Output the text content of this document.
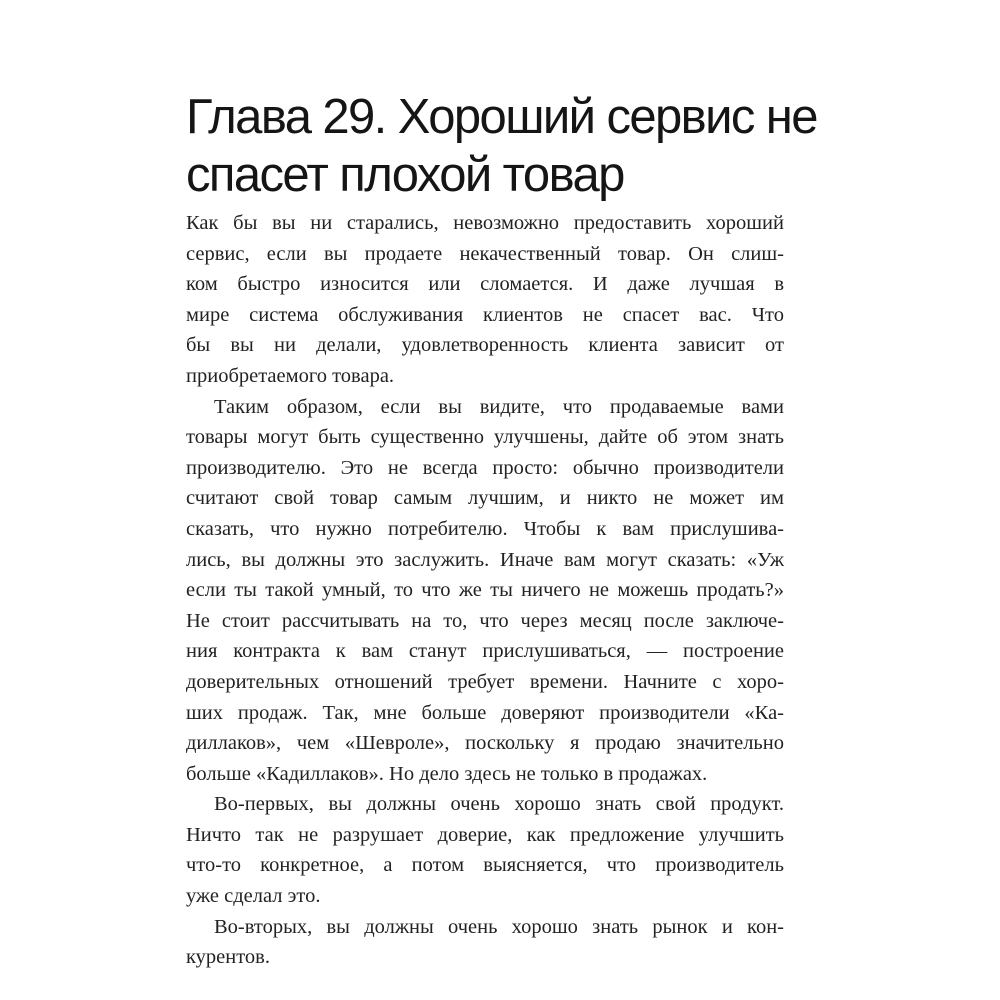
Глава 29. Хороший сервис не
спасет плохой товар
Как бы вы ни старались, невозможно предоставить хороший
сервис, если вы продаете некачественный товар. Он слиш-
ком быстро износится или сломается. И даже лучшая в
мире система обслуживания клиентов не спасет вас. Что
бы вы ни делали, удовлетворенность клиента зависит от
приобретаемого товара.
Таким образом, если вы видите, что продаваемые вами
товары могут быть существенно улучшены, дайте об этом знать
производителю. Это не всегда просто: обычно производители
считают свой товар самым лучшим, и никто не может им
сказать, что нужно потребителю. Чтобы к вам прислушива-
лись, вы должны это заслужить. Иначе вам могут сказать: «Уж
если ты такой умный, то что же ты ничего не можешь продать?»
Не стоит рассчитывать на то, что через месяц после заключе-
ния контракта к вам станут прислушиваться, — построение
доверительных отношений требует времени. Начните с хоро-
ших продаж. Так, мне больше доверяют производители «Ка-
диллаков», чем «Шевроле», поскольку я продаю значительно
больше «Кадиллаков». Но дело здесь не только в продажах.
Во-первых, вы должны очень хорошо знать свой продукт.
Ничто так не разрушает доверие, как предложение улучшить
что-то конкретное, а потом выясняется, что производитель
уже сделал это.
Во-вторых, вы должны очень хорошо знать рынок и кон-
курентов.
